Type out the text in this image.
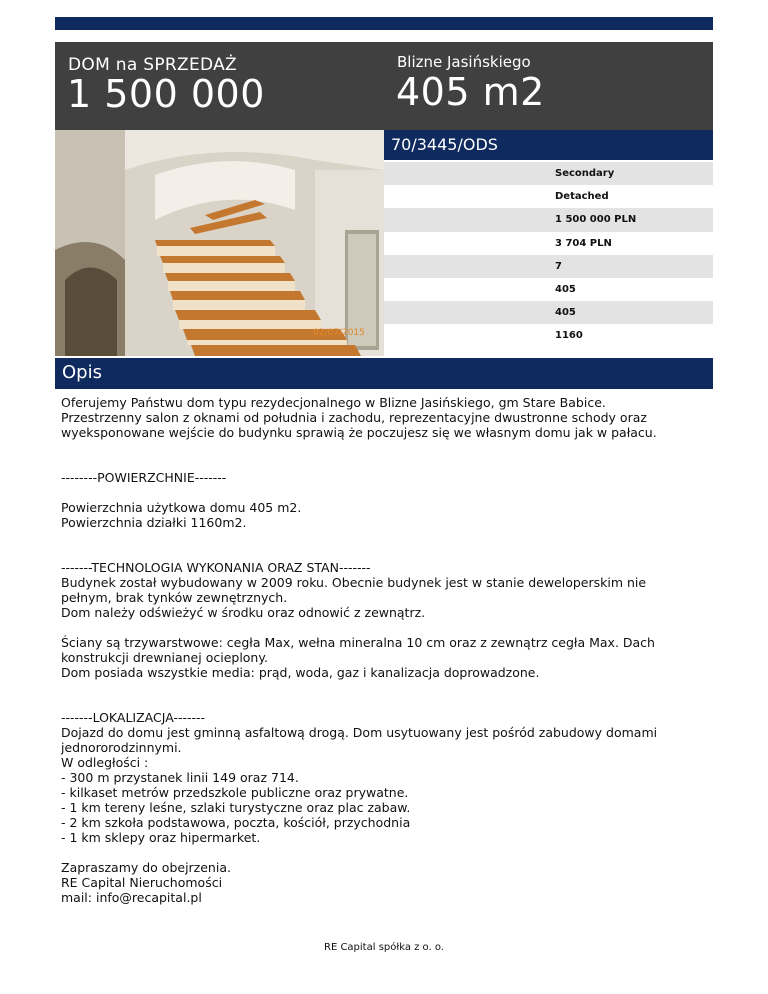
DOM na SPRZEDAŻ
1 500 000
Blizne Jasińskiego
405 m2
02/07/2015
70/3445/ODS
Secondary
Detached
1 500 000 PLN
3 704 PLN
7
405
405
1160
Opis

Oferujemy Państwu dom typu rezydecjonalnego w Blizne Jasińskiego, gm Stare Babice.
Przestrzenny salon z oknami od południa i zachodu, reprezentacyjne dwustronne schody oraz
wyeksponowane wejście do budynku sprawią że poczujesz się we własnym domu jak w pałacu.

--------POWIERZCHNIE-------

Powierzchnia użytkowa domu 405 m2.
Powierzchnia działki 1160m2.

-------TECHNOLOGIA WYKONANIA ORAZ STAN-------

Budynek został wybudowany w 2009 roku. Obecnie budynek jest w stanie deweloperskim nie
pełnym, brak tynków zewnętrznych.
Dom należy odświeżyć w środku oraz odnowić z zewnątrz.

Ściany są trzywarstwowe: cegła Max, wełna mineralna 10 cm oraz z zewnątrz cegła Max. Dach
konstrukcji drewnianej ocieplony.
Dom posiada wszystkie media: prąd, woda, gaz i kanalizacja doprowadzone.

-------LOKALIZACJA-------

Dojazd do domu jest gminną asfaltową drogą. Dom usytuowany jest pośród zabudowy domami
jednororodzinnymi.
W odległości :
- 300 m przystanek linii 149 oraz 714.
- kilkaset metrów przedszkole publiczne oraz prywatne.
- 1 km tereny leśne, szlaki turystyczne oraz plac zabaw.
- 2 km szkoła podstawowa, poczta, kościół, przychodnia
- 1 km sklepy oraz hipermarket.

Zapraszamy do obejrzenia.
RE Capital Nieruchomości
mail: info@recapital.pl

RE Capital spółka z o. o.
